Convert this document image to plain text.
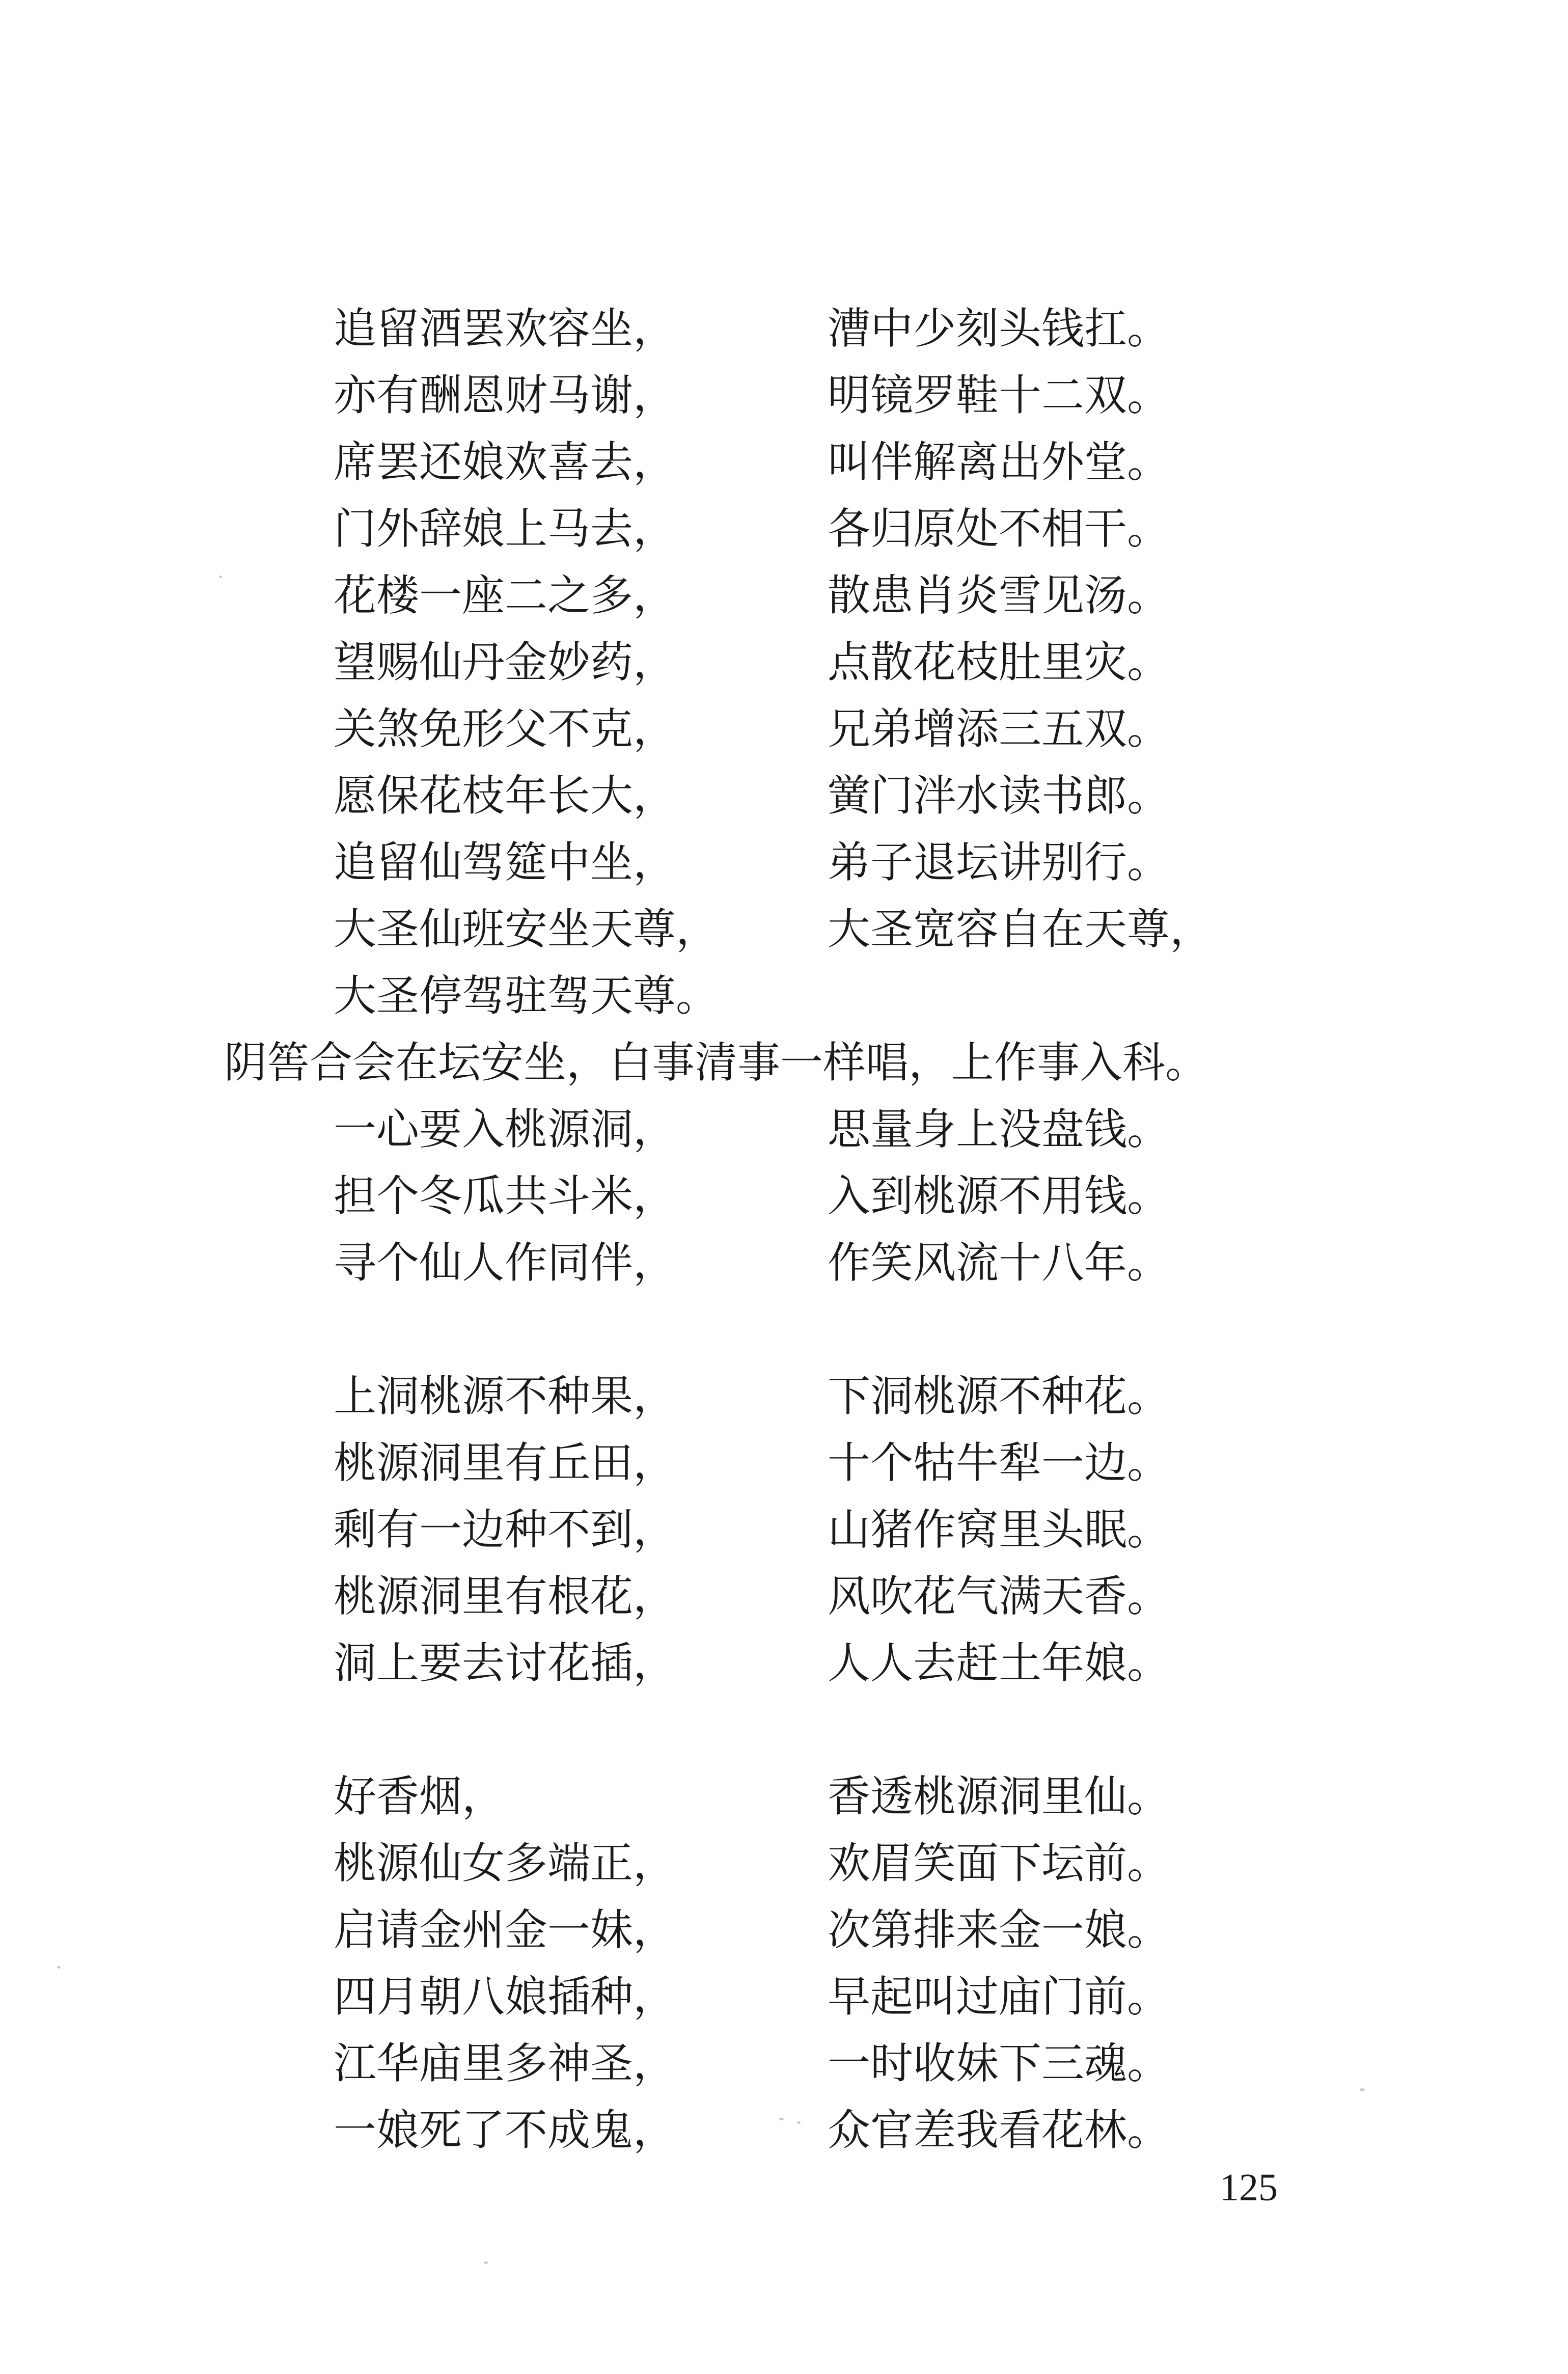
追留酒罢欢容坐，	漕中少刻头钱扛。
亦有酬恩财马谢，	明镜罗鞋十二双。
席罢还娘欢喜去，	叫伴解离出外堂。
门外辞娘上马去，	各归原处不相干。
花楼一座二之多，	散患肖炎雪见汤。
望赐仙丹金妙药，	点散花枝肚里灾。
关煞免形父不克，	兄弟增添三五双。
愿保花枝年长大，	黉门泮水读书郎。
追留仙驾筵中坐，	弟子退坛讲别行。
大圣仙班安坐天尊，	大圣宽容自在天尊，
大圣停驾驻驾天尊。
阴筶合会在坛安坐，白事清事一样唱，上作事入科。
一心要入桃源洞，	思量身上没盘钱。
担个冬瓜共斗米，	入到桃源不用钱。
寻个仙人作同伴，	作笑风流十八年。
上洞桃源不种果，	下洞桃源不种花。
桃源洞里有丘田，	十个牯牛犁一边。
剩有一边种不到，	山猪作窝里头眠。
桃源洞里有根花，	风吹花气满天香。
洞上要去讨花插，	人人去赶土年娘。
好香烟，	香透桃源洞里仙。
桃源仙女多端正，	欢眉笑面下坛前。
启请金州金一妹，	次第排来金一娘。
四月朝八娘插种，	早起叫过庙门前。
江华庙里多神圣，	一时收妹下三魂。
一娘死了不成鬼，	众官差我看花林。
125
